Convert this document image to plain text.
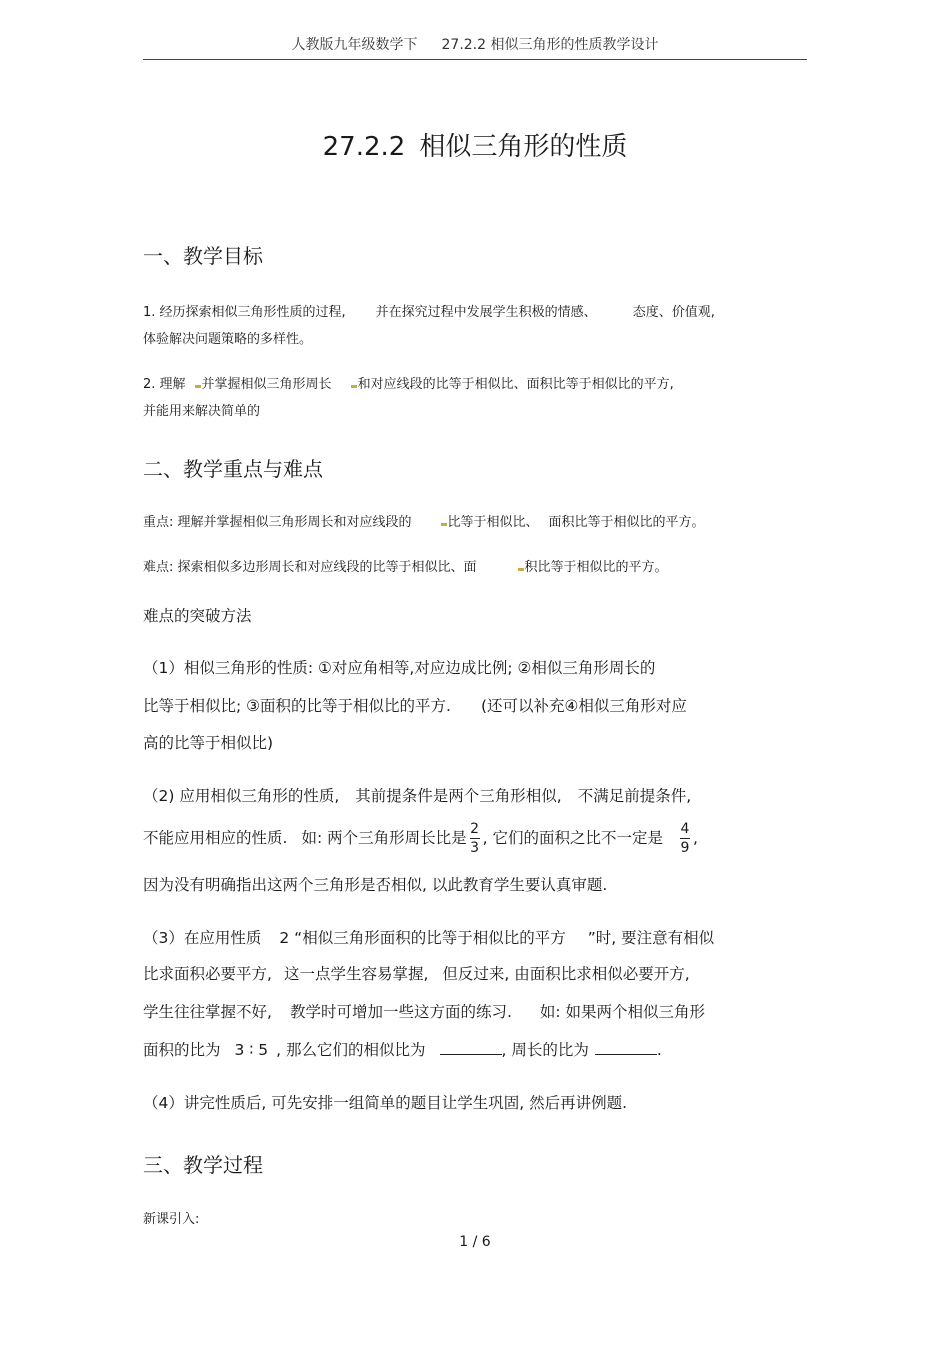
人教版九年级数学下 27.2.2 相似三角形的性质教学设计
27.2.2 相似三角形的性质
一、教学目标
1. 经历探索相似三角形性质的过程, 并在探究过程中发展学生积极的情感、	态度、价值观,
体验解决问题策略的多样性。
2. 理解 并掌握相似三角形周长 和对应线段的比等于相似比、面积比等于相似比的平方,
并能用来解决简单的
二、教学重点与难点
重点: 理解并掌握相似三角形周长和对应线段的	比等于相似比、 面积比等于相似比的平方。
难点: 探索相似多边形周长和对应线段的比等于相似比、面	积比等于相似比的平方。
难点的突破方法
（1）相似三角形的性质: ①对应角相等,对应边成比例; ②相似三角形周长的
比等于相似比; ③面积的比等于相似比的平方. (还可以补充④相似三角形对应
高的比等于相似比)
（2) 应用相似三角形的性质, 其前提条件是两个三角形相似, 不满足前提条件,
不能应用相应的性质. 如: 两个三角形周长比是 $\frac{2}{3}$ , 它们的面积之比不一定是 $\frac{4}{9}$ ,
因为没有明确指出这两个三角形是否相似, 以此教育学生要认真审题.
（3）在应用性质 2 “相似三角形面积的比等于相似比的平方 ”时, 要注意有相似
比求面积必要平方, 这一点学生容易掌握, 但反过来, 由面积比求相似必要开方,
学生往往掌握不好, 教学时可增加一些这方面的练习. 如: 如果两个相似三角形
面积的比为 3 ∶ 5 , 那么它们的相似比为	, 周长的比为	.
（4）讲完性质后, 可先安排一组简单的题目让学生巩固, 然后再讲例题.
三、教学过程
新课引入:
1 / 6
